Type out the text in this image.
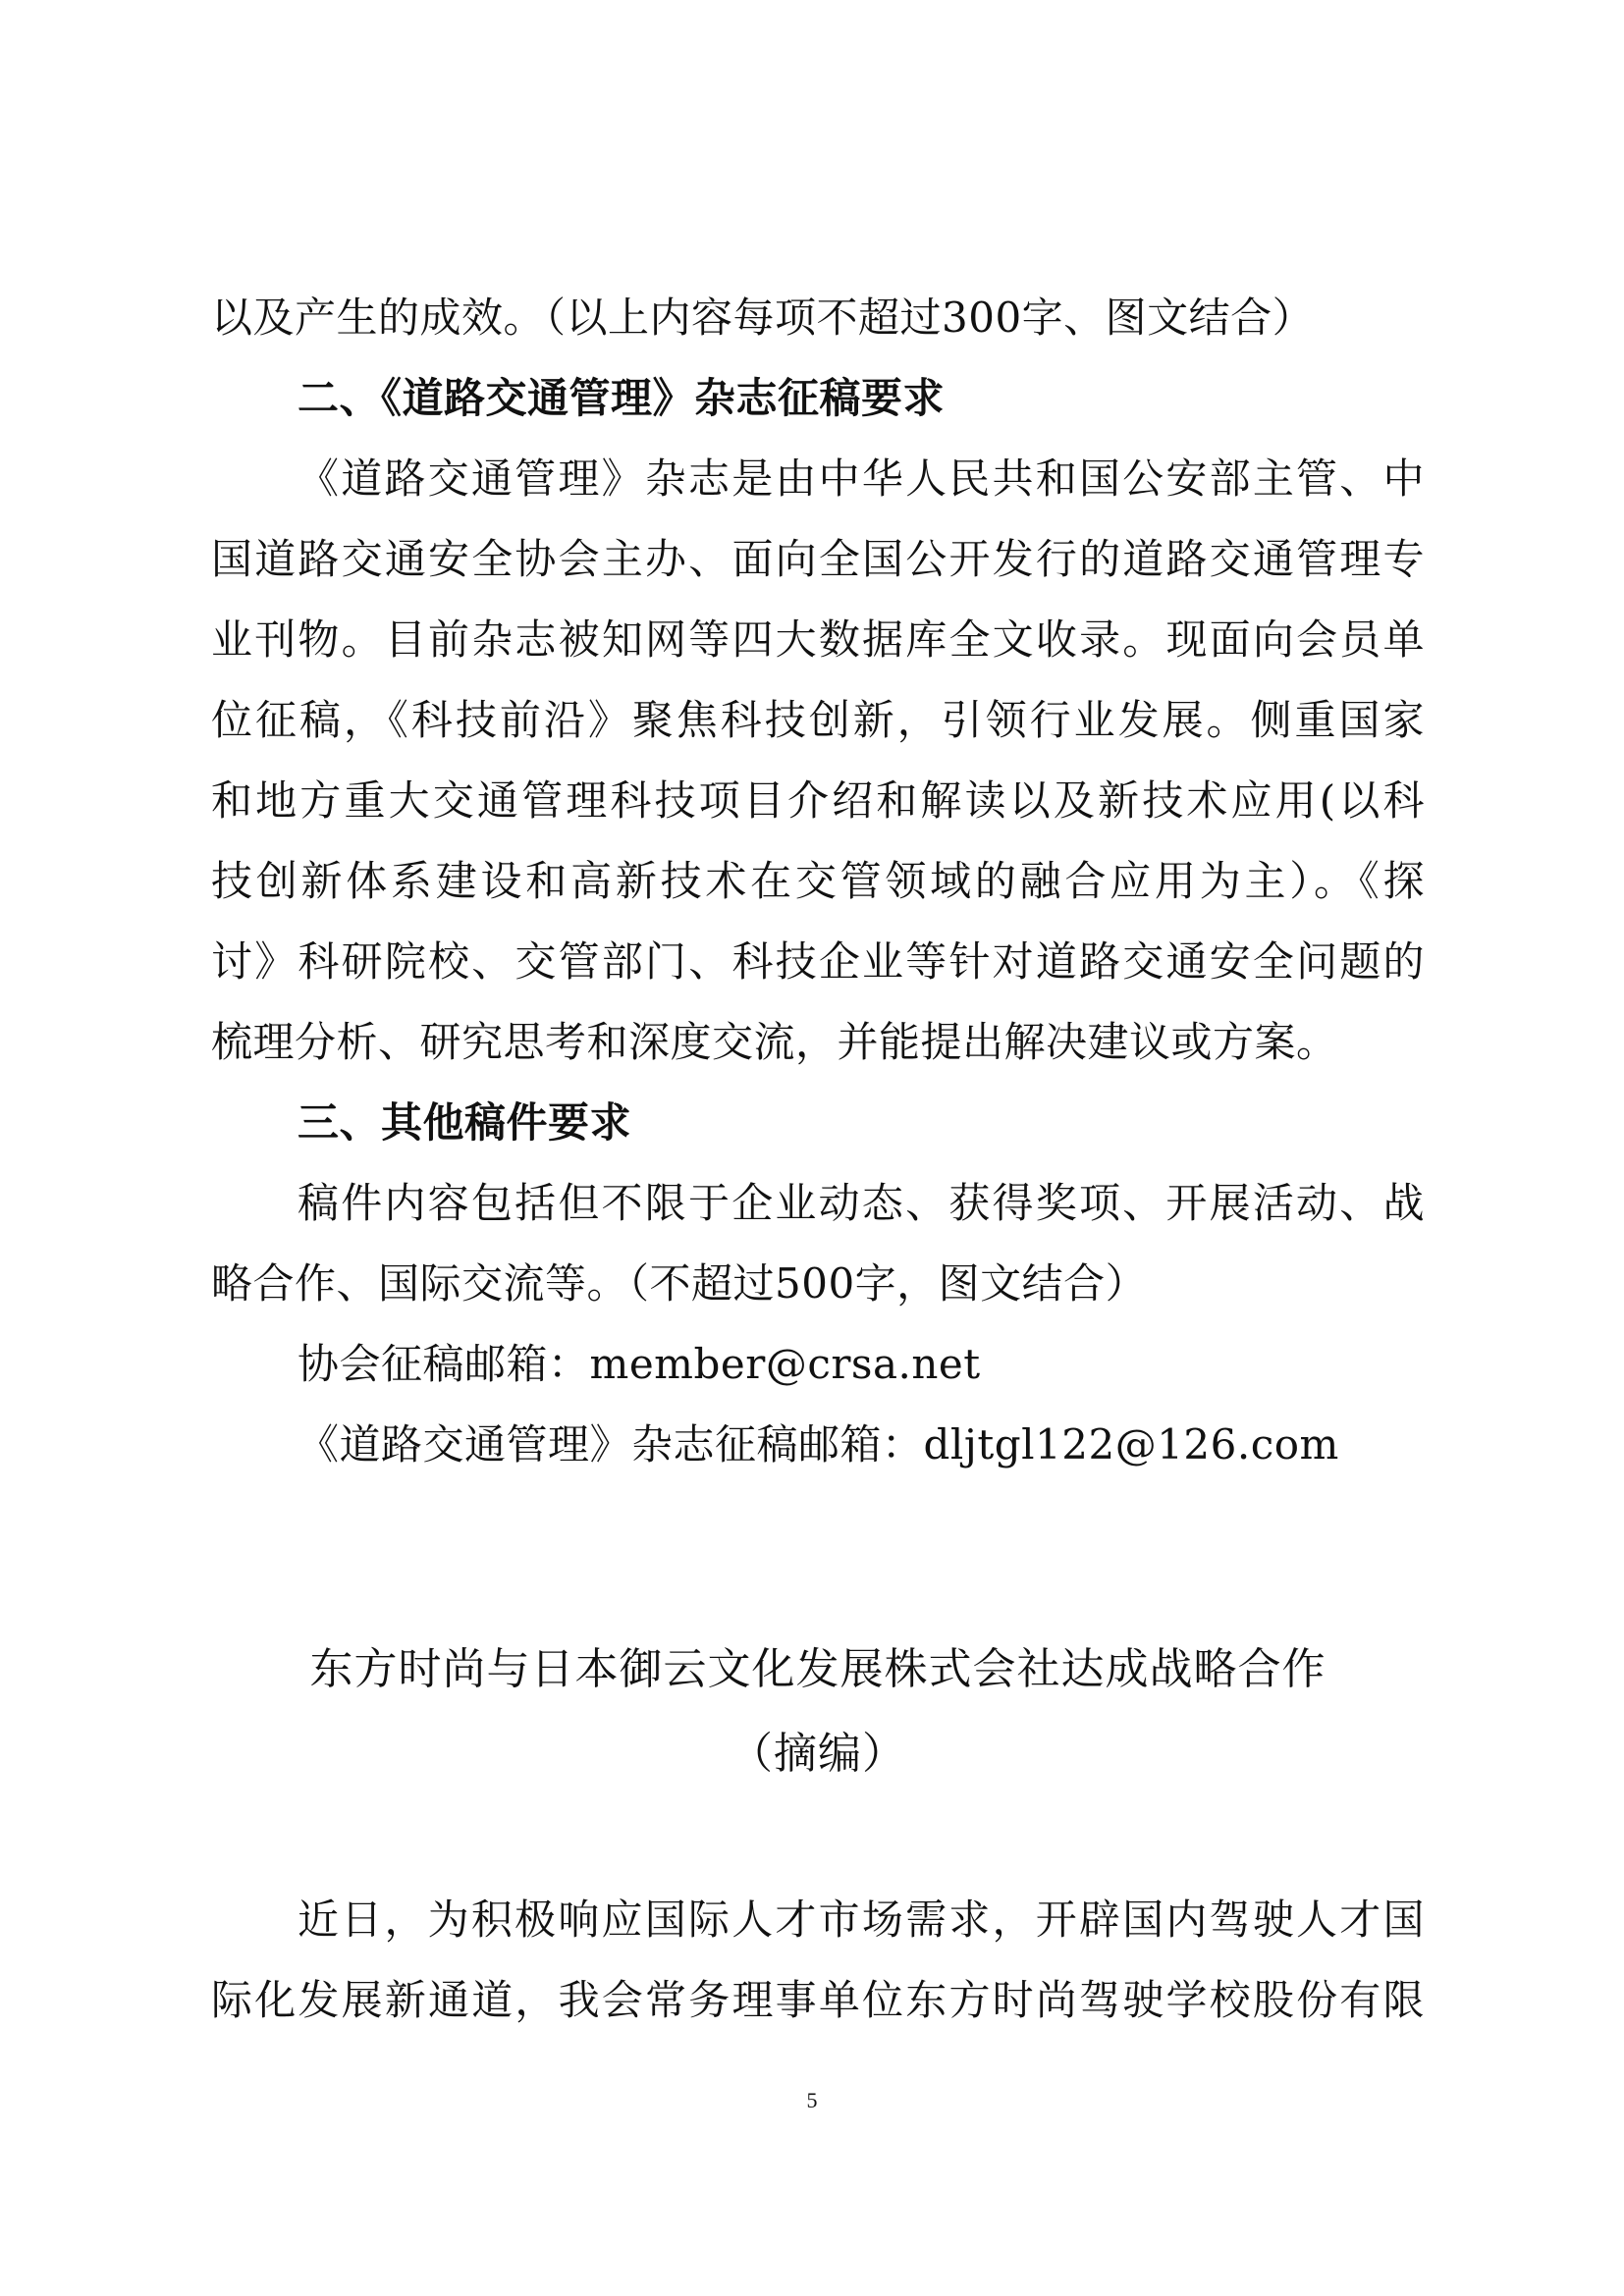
以及产生的成效。（以上内容每项不超过300字、图文结合）
二、《道路交通管理》杂志征稿要求
《道路交通管理》杂志是由中华人民共和国公安部主管、中
国道路交通安全协会主办、面向全国公开发行的道路交通管理专
业刊物。目前杂志被知网等四大数据库全文收录。现面向会员单
位征稿，《科技前沿》聚焦科技创新，引领行业发展。侧重国家
和地方重大交通管理科技项目介绍和解读以及新技术应用(以科
技创新体系建设和高新技术在交管领域的融合应用为主）。《探
讨》科研院校、交管部门、科技企业等针对道路交通安全问题的
梳理分析、研究思考和深度交流，并能提出解决建议或方案。
三、其他稿件要求
稿件内容包括但不限于企业动态、获得奖项、开展活动、战
略合作、国际交流等。（不超过500字，图文结合）
协会征稿邮箱：member@crsa.net
《道路交通管理》杂志征稿邮箱：dljtgl122@126.com
东方时尚与日本御云文化发展株式会社达成战略合作
（摘编）
近日，为积极响应国际人才市场需求，开辟国内驾驶人才国
际化发展新通道，我会常务理事单位东方时尚驾驶学校股份有限
5
